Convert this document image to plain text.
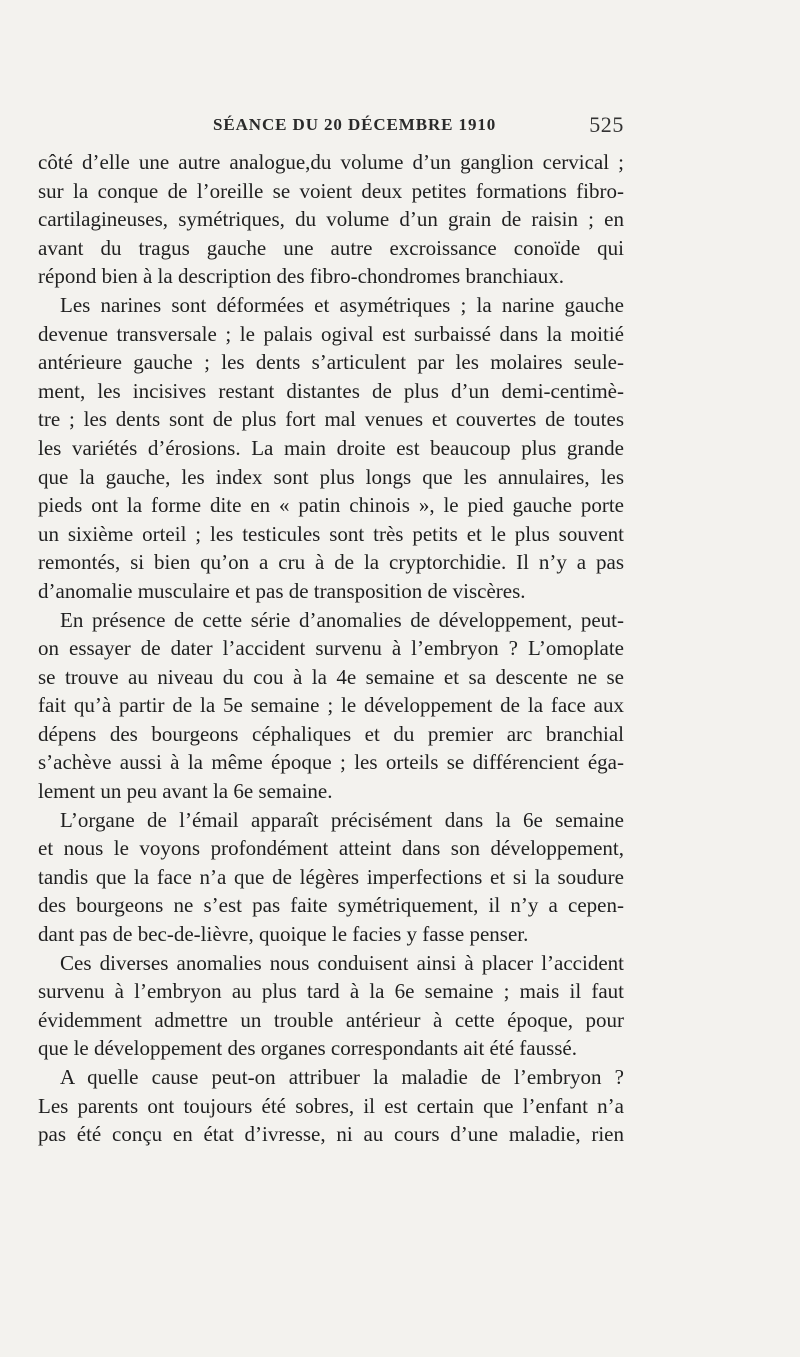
SÉANCE DU 20 DÉCEMBRE 1910	525
côté d’elle une autre analogue,du volume d’un ganglion cervical ;
sur la conque de l’oreille se voient deux petites formations fibro-
cartilagineuses, symétriques, du volume d’un grain de raisin ; en
avant du tragus gauche une autre excroissance conoïde qui
répond bien à la description des fibro-chondromes branchiaux.
Les narines sont déformées et asymétriques ; la narine gauche
devenue transversale ; le palais ogival est surbaissé dans la moitié
antérieure gauche ; les dents s’articulent par les molaires seule-
ment, les incisives restant distantes de plus d’un demi-centimè-
tre ; les dents sont de plus fort mal venues et couvertes de toutes
les variétés d’érosions. La main droite est beaucoup plus grande
que la gauche, les index sont plus longs que les annulaires, les
pieds ont la forme dite en « patin chinois », le pied gauche porte
un sixième orteil ; les testicules sont très petits et le plus souvent
remontés, si bien qu’on a cru à de la cryptorchidie. Il n’y a pas
d’anomalie musculaire et pas de transposition de viscères.
En présence de cette série d’anomalies de développement, peut-
on essayer de dater l’accident survenu à l’embryon ? L’omoplate
se trouve au niveau du cou à la 4e semaine et sa descente ne se
fait qu’à partir de la 5e semaine ; le développement de la face aux
dépens des bourgeons céphaliques et du premier arc branchial
s’achève aussi à la même époque ; les orteils se différencient éga-
lement un peu avant la 6e semaine.
L’organe de l’émail apparaît précisément dans la 6e semaine
et nous le voyons profondément atteint dans son développement,
tandis que la face n’a que de légères imperfections et si la soudure
des bourgeons ne s’est pas faite symétriquement, il n’y a cepen-
dant pas de bec-de-lièvre, quoique le facies y fasse penser.
Ces diverses anomalies nous conduisent ainsi à placer l’accident
survenu à l’embryon au plus tard à la 6e semaine ; mais il faut
évidemment admettre un trouble antérieur à cette époque, pour
que le développement des organes correspondants ait été faussé.
A quelle cause peut-on attribuer la maladie de l’embryon ?
Les parents ont toujours été sobres, il est certain que l’enfant n’a
pas été conçu en état d’ivresse, ni au cours d’une maladie, rien
